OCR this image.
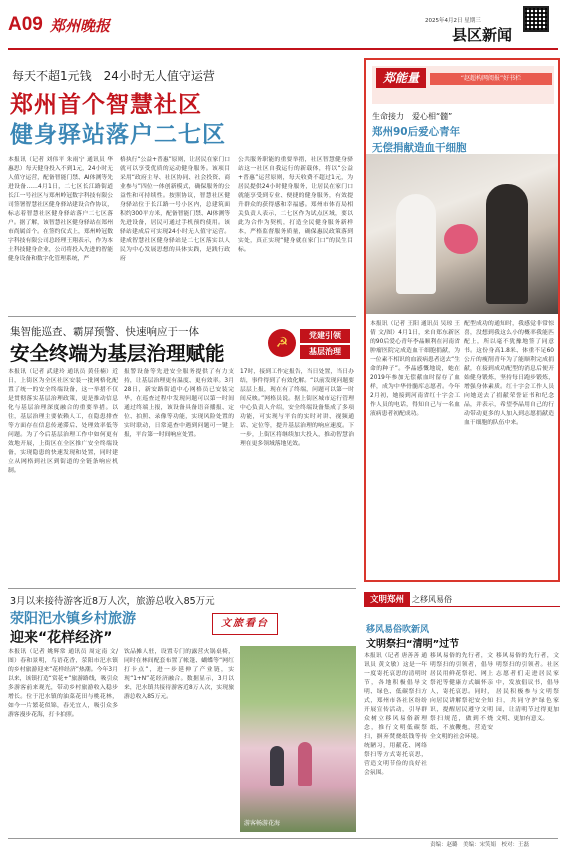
A09 郑州晚报	2025年4月2日 星期三
县区新闻
每天不超1元钱　24小时无人值守运营
郑州首个智慧社区
健身驿站落户二七区
本报讯（记者 刘伟平 朱雨宁 通讯员 华惠思）每天健身投入不到1元，24小时无人值守运营，配备智能门禁、AI体测等先进设备……4月1日，二七区长江路街道长江一号社区与郑州岭冠数字科技有限公司签署智慧社区健身驿站建设合作协议，标志着智慧社区健身驿站落户二七区落户。据了解，该智慧社区健身驿站在郑州市尚属首个。在签约仪式上，郑州岭冠数字科技有限公司总经理王翔表示，作为本土科技健身企业，公司将投入先进的智能健身设备和数字化管理系统，严
格执行“公益+普惠”原则，让居民在家门口就可以享受优质的运动健身服务。该项目采用“政府主导、社区协同、社会投资、商业参与”四位一体创新模式，确保服务的公益性和可持续性。按照协议，智慧社区健身驿站位于长江路一号小区内，总建筑面积约300平方米，配备智能门禁、AI体测等先进设备，居民可通过手机预约使用。该驿站建成后可实现24小时无人值守运营。建成智慧社区健身驿站是二七区落实以人民为中心发展思想的具体实践，是践行政府
公共服务职能的重要举措，社区智慧健身驿站这一社区自我运行的新载体，将以“公益+普惠”运营原则，每天收费不超过1元，为居民提供24小时健身服务，让居民在家门口就能享受到专业、便捷的健身服务，有效提升群众的获得感和幸福感。郑州市体育局相关负责人表示，二七区作为试点区域，要以此为合作为契机，打造全民健身服务新样本，严格监督服务质量，确保惠民政策落到实处，真正实现“健身就在家门口”的民生目标。
集智能巡查、霸屏预警、快速响应于一体
安全终端为基层治理赋能	☭	党建引领
基层治理
本报讯（记者 武建玲 通讯员 黄佳楠）近日，上街区为全区社区安装一批网格化配置了统一的安全终端设备，这一举措不仅是贯彻落实基层治理政策，更是推动信息化与基层治理深度融合的重要举措。以往，基层治理主要依赖人工，在隐患排查等方面存在信息传递滞后、处理效率低等问题。为了今后基层治理工作中如何更有效地开展，上街区在全区推广安全终端设备，实现隐患的快速发现和处置，同时建立从网格到社区到街道的全链条响应机制。
报警设备等先进安全服务提供了有力支持，让基层治理更有温度、更有效率。3月28日，新安路街道中心网格员已安装完毕，在巡查过程中发现问题可以第一时间通过终端上报，该设备具备语音播报、定位、拍照、录像等功能，实现风险处置的实时联动，日常巡查中遇到问题可一键上报，平台第一时间响应处置。
17时，接到工作定报告，当日处置，当日办结，事件得到了有效化解。“以前发现问题要层层上报，现在有了终端，问题可以第一时间反映。”网格员说。据上街区城市运行管理中心负责人介绍，安全终端设备集成了多项功能，可实现与平台的实时对讲、视频通话、定位等，提升基层治理的响应速度。下一步，上街区将继续加大投入，推动智慧治理在更多领域落地见效。
郑能量	“赵超构网阅报”好书栏
生命接力　爱心相“髓”
郑州90后爱心青年
无偿捐献造血干细胞
本报讯（记者 王阳 通讯员 吴琼 王倩 文/图）4月1日，来自郑东新区的90后爱心青年李晶顺利在河南省肿瘤医院完成造血干细胞捐献，为一位素不相识的血液病患者送去“生命的种子”。李晶感慨地说，她在2019年参加无偿献血时留存了血样，成为中华骨髓库志愿者。今年2月初，她接到河南省红十字会工作人员的电话，得知自己与一名血液病患者初配成功。
配型成功的通知时，我感觉非常惊喜，没想到我这么小的概率我能匹配上，所以毫不犹豫地签了同意书。这份身高1.8米、体重不足60公斤的瘦削青年为了能顺利完成捐献，在接到成功配型的消息后便开始健身锻炼，坚持每日跑步锻炼，增强身体素质。红十字会工作人员向她送去了捐献荣誉证书和纪念品，并表示，希望李晶用自己的行动带动更多的人加入到志愿捐献造血干细胞的队伍中来。
3月以来接待游客近8万人次，旅游总收入85万元
荥阳汜水镇乡村旅游
迎来“花样经济”
文旅看台
本报讯（记者 姚辉常 通讯员 周定南 文/图）春和景明，鸟语花香，荥阳市汜水镇的乡村旅游迎来“花样经济”热潮。今年3月以来，该镇打造“赏花+”旅游路线，吸引众多游客前来观光，带动乡村旅游收入稳步增长。位于汜水镇的油菜花田与桃花林，如今一片繁花似锦，春光宜人，吸引众多游客漫步花海，打卡拍照。
饮品摊人驻，设置专门的露营火锅桌椅，同时在林间配套布置了帐篷、蝴蝶等“网红打卡点”，进一步延伸了产业链，实现“1+N”花经济融合。数据显示，3月以来，汜水镇共接待游客近8万人次，实现旅游总收入85万元。
游客畅游花海
文明郑州	之移风易俗
移风易俗吹新风
文明祭扫“清明”过节
本报讯（记者 唐善善 通讯员 黄文敏）这是一年一度寄托哀思的清明时节，各地积极倡导文明、绿色、低碳祭扫方式，郑州市各社区纷纷开展宣传活动，引导群众树立移风易俗新理念，推行文明低碳祭扫，摒弃焚烧纸钱等传统陋习，用献花、网络祭扫等方式寄托哀思，营造文明节俭的良好社会氛围。
移风易俗的先行者，文明祭扫的引领者，倡导居民用鲜花祭祀、网上祭祀等健康方式缅怀亲人，寄托哀思。同时，向居民讲解祭祀安全知识，提醒居民遵守文明祭扫规范，做到不烧纸、不放鞭炮，营造安全文明的社会环境。
移风易俗的先行者，文明祭扫的引领者。社区志愿者们走进居民家中，发放倡议书，倡导居民积极参与文明祭扫，共同守护绿色家园，让清明节过得更加文明、更加有意义。
责编：赵璐　美编：宋笑娟　校对：王磊
